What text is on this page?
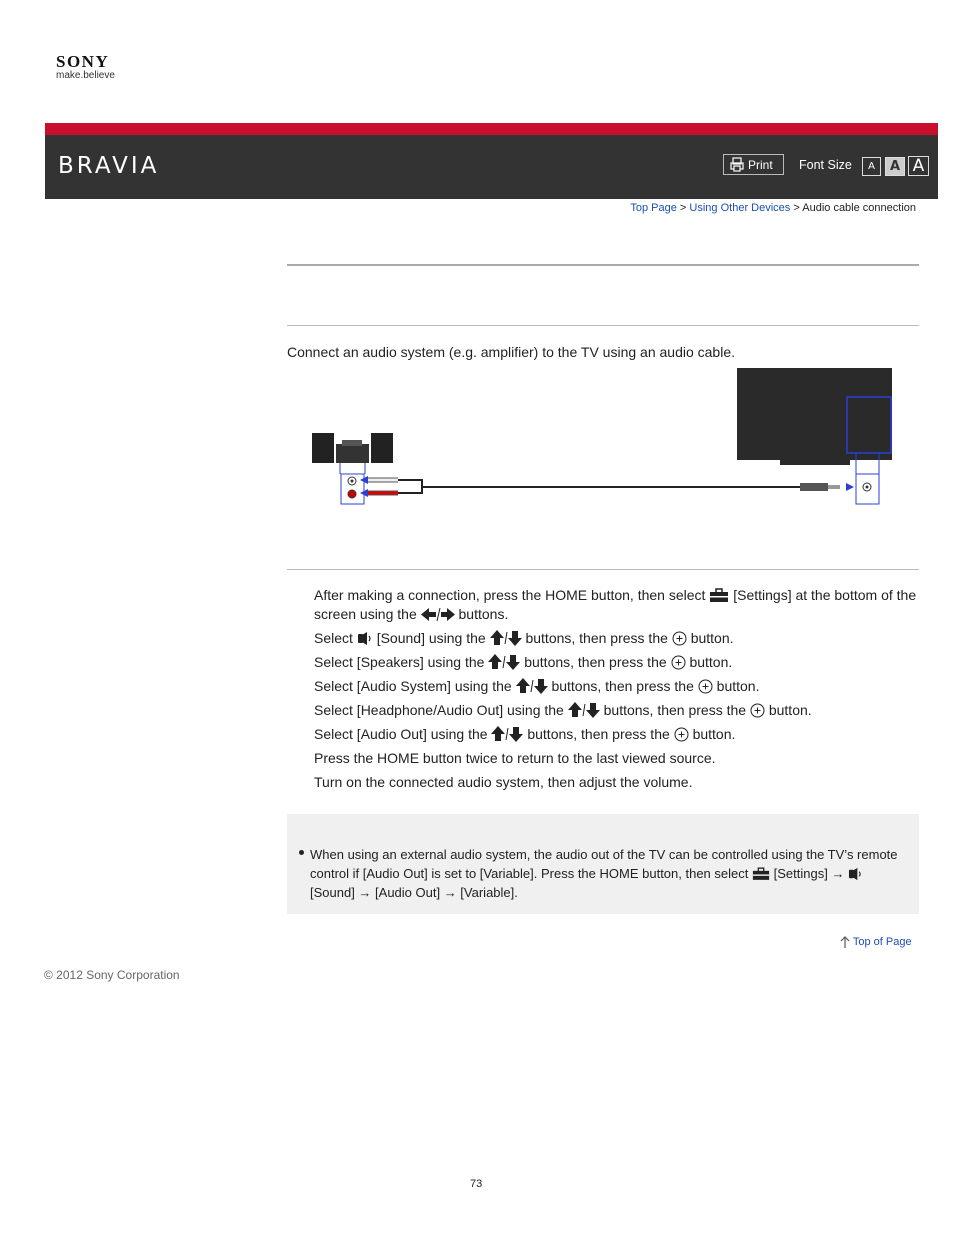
SONY
make.believe
BRAVIA	Print Font Size	A	A A
Top Page > Using Other Devices > Audio cable connection
Connect an audio system (e.g. amplifier) to the TV using an audio cable.
After making a connection, press the HOME button, then select [Settings] at the bottom of the screen using the	buttons.
Select [Sound] using the	buttons, then press the button.
Select [Speakers] using the	buttons, then press the button.
Select [Audio System] using the	buttons, then press the button.
Select [Headphone/Audio Out] using the	buttons, then press the button.
Select [Audio Out] using the	buttons, then press the button.
Press the HOME button twice to return to the last viewed source.
Turn on the connected audio system, then adjust the volume.
When using an external audio system, the audio out of the TV can be controlled using the TV’s remote control if [Audio Out] is set to [Variable]. Press the HOME button, then select [Settings] →  [Sound] → [Audio Out] → [Variable].
Top of Page
© 2012 Sony Corporation
73
